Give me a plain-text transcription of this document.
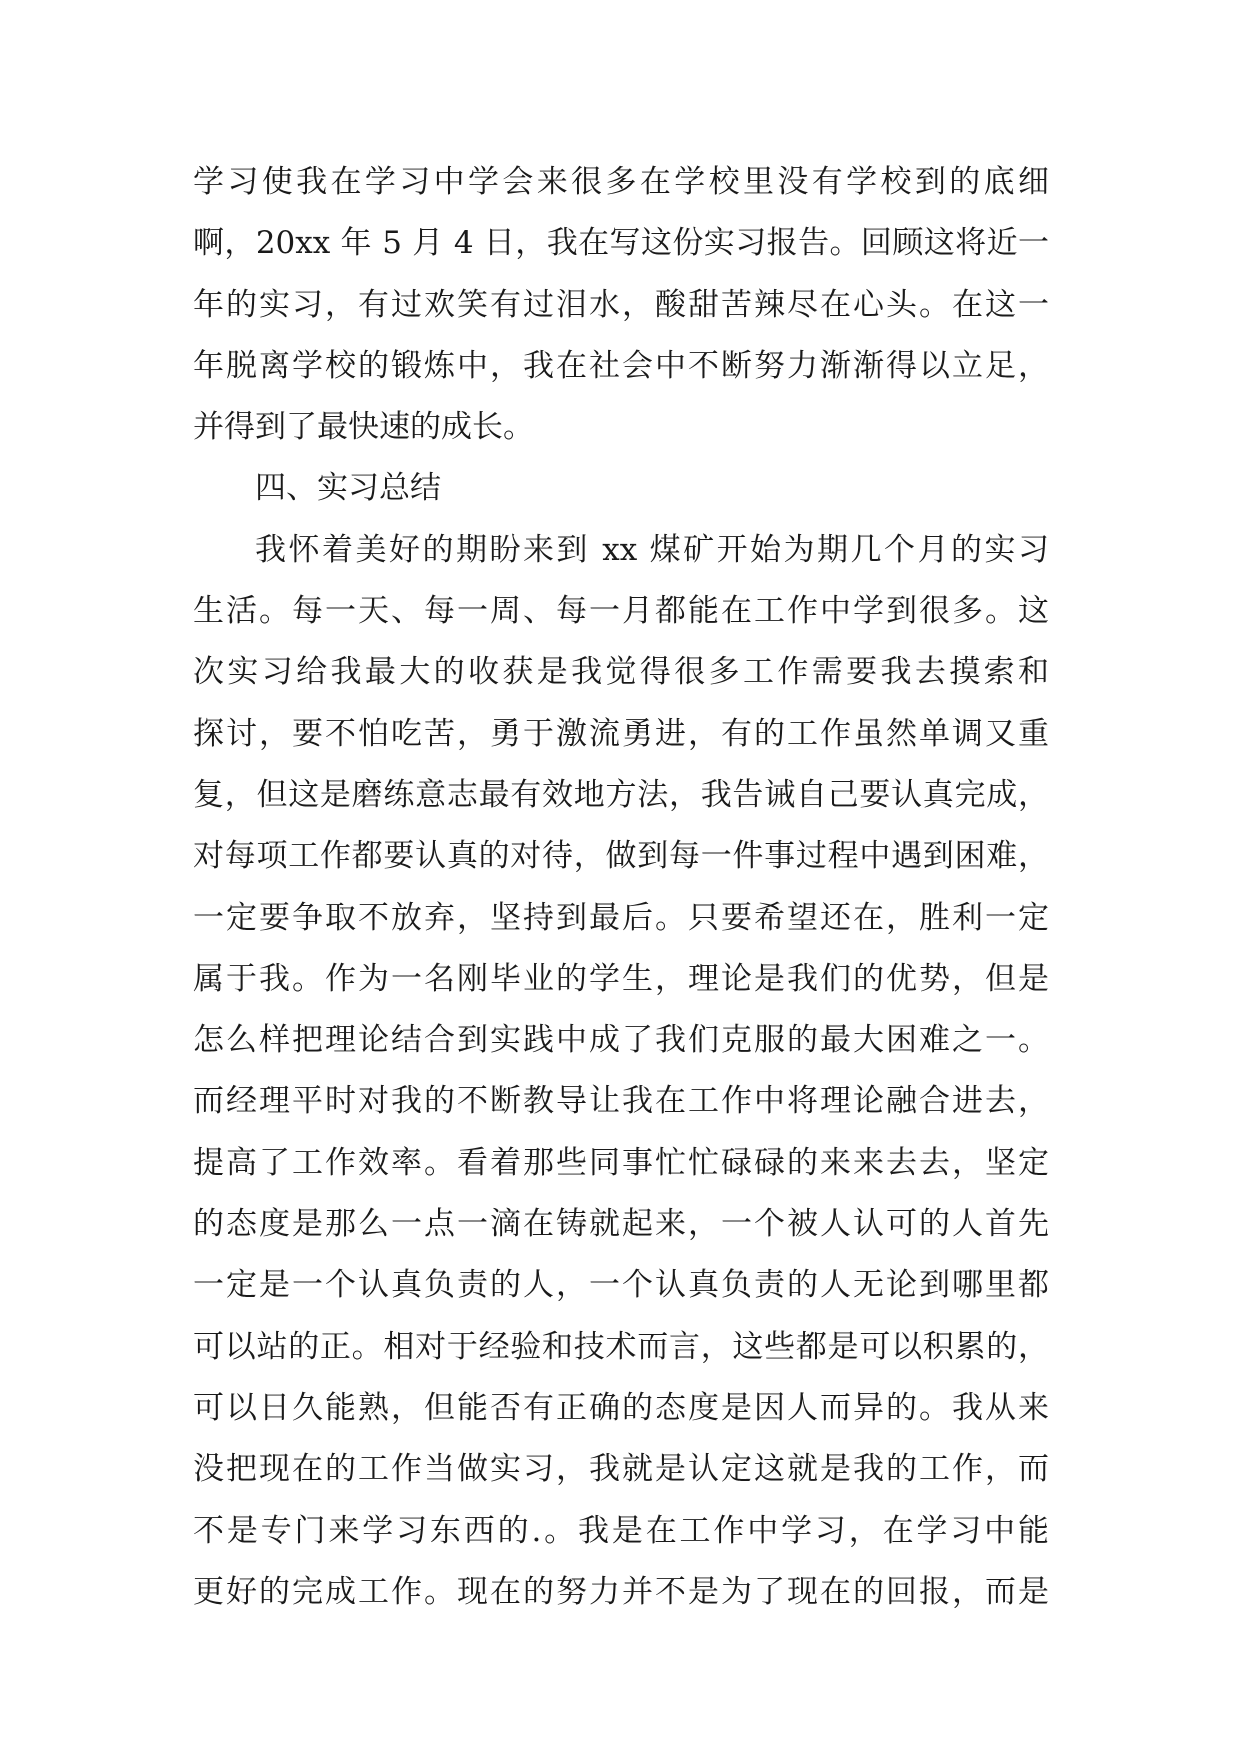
学习使我在学习中学会来很多在学校里没有学校到的底细
啊，20xx 年 5 月 4 日，我在写这份实习报告。回顾这将近一
年的实习，有过欢笑有过泪水，酸甜苦辣尽在心头。在这一
年脱离学校的锻炼中，我在社会中不断努力渐渐得以立足，
并得到了最快速的成长。
四、实习总结
我怀着美好的期盼来到 xx 煤矿开始为期几个月的实习
生活。每一天、每一周、每一月都能在工作中学到很多。这
次实习给我最大的收获是我觉得很多工作需要我去摸索和
探讨，要不怕吃苦，勇于激流勇进，有的工作虽然单调又重
复，但这是磨练意志最有效地方法，我告诫自己要认真完成，
对每项工作都要认真的对待，做到每一件事过程中遇到困难，
一定要争取不放弃，坚持到最后。只要希望还在，胜利一定
属于我。作为一名刚毕业的学生，理论是我们的优势，但是
怎么样把理论结合到实践中成了我们克服的最大困难之一。
而经理平时对我的不断教导让我在工作中将理论融合进去，
提高了工作效率。看着那些同事忙忙碌碌的来来去去，坚定
的态度是那么一点一滴在铸就起来，一个被人认可的人首先
一定是一个认真负责的人，一个认真负责的人无论到哪里都
可以站的正。相对于经验和技术而言，这些都是可以积累的，
可以日久能熟，但能否有正确的态度是因人而异的。我从来
没把现在的工作当做实习，我就是认定这就是我的工作，而
不是专门来学习东西的.。我是在工作中学习，在学习中能
更好的完成工作。现在的努力并不是为了现在的回报，而是
